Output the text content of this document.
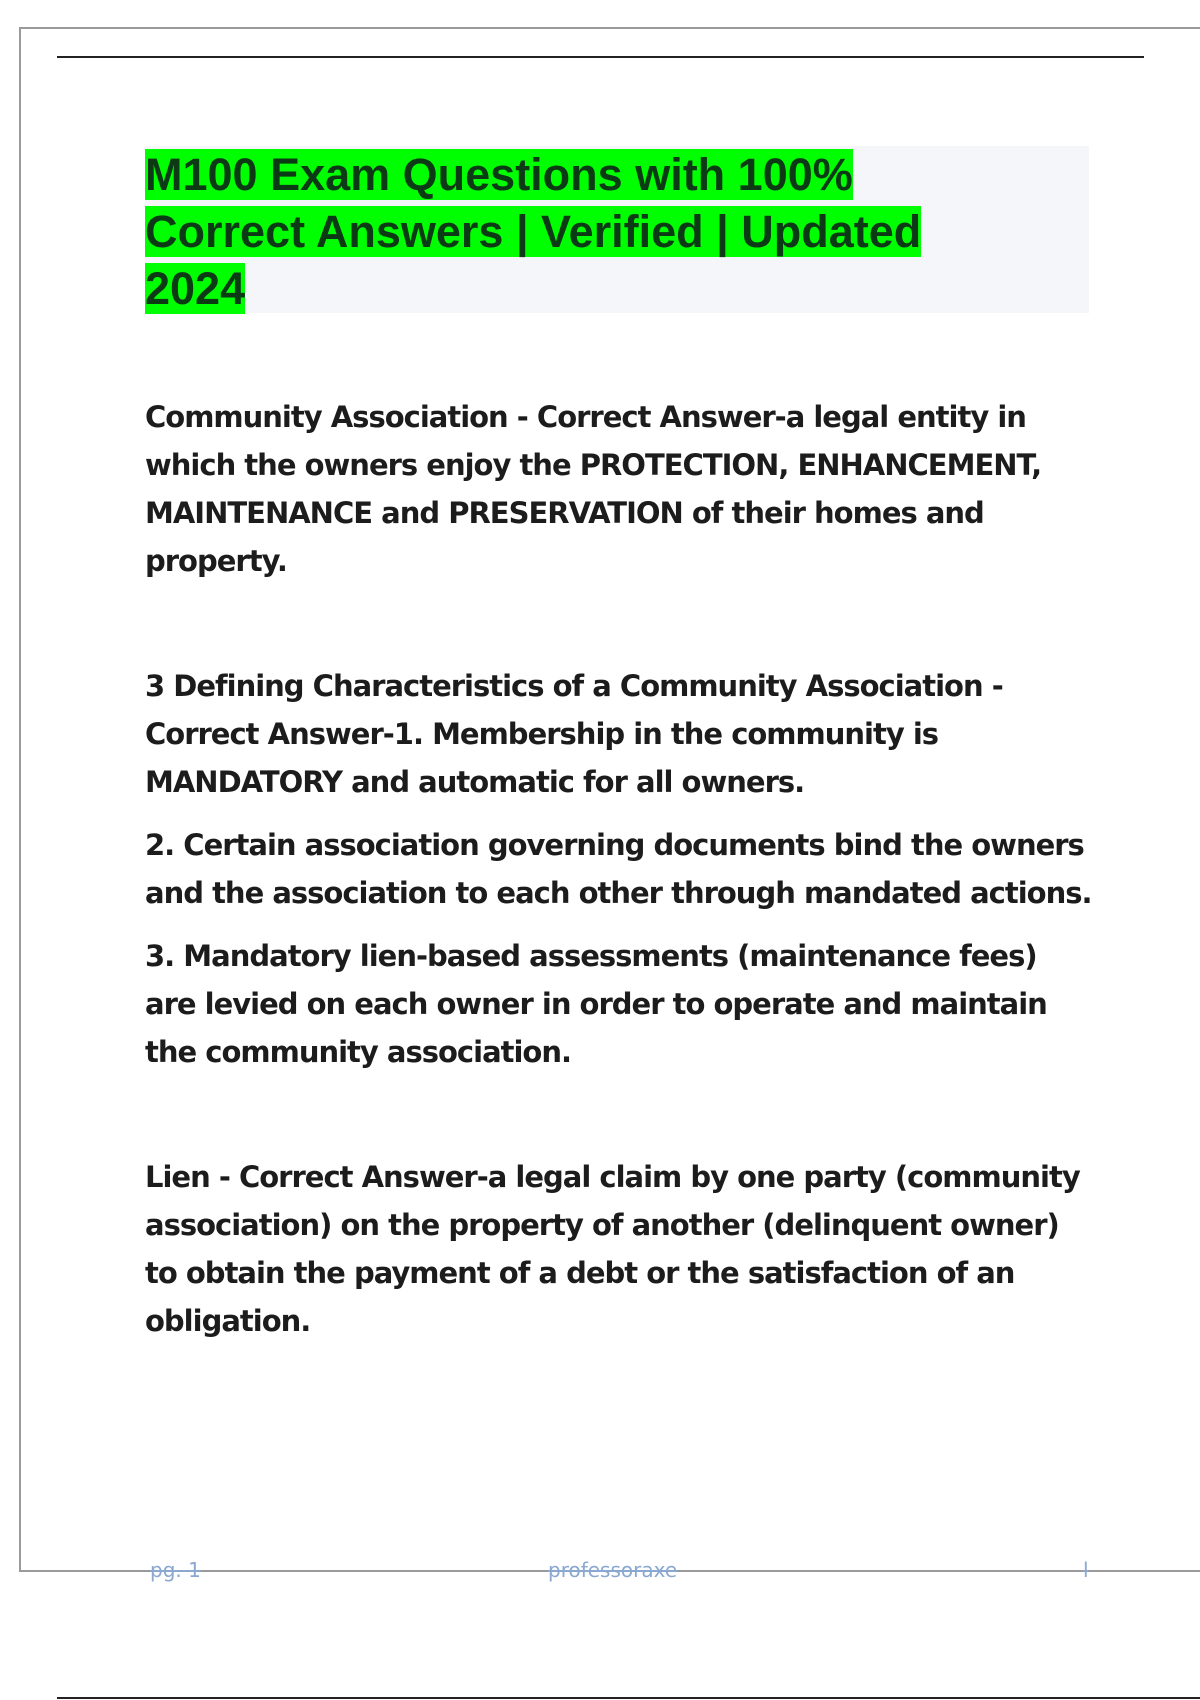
M100 Exam Questions with 100% Correct Answers | Verified | Updated 2024

Community Association - Correct Answer-a legal entity in which the owners enjoy the PROTECTION, ENHANCEMENT, MAINTENANCE and PRESERVATION of their homes and property.

3 Defining Characteristics of a Community Association - Correct Answer-1. Membership in the community is MANDATORY and automatic for all owners.

2. Certain association governing documents bind the owners and the association to each other through mandated actions.

3. Mandatory lien-based assessments (maintenance fees) are levied on each owner in order to operate and maintain the community association.

Lien - Correct Answer-a legal claim by one party (community association) on the property of another (delinquent owner) to obtain the payment of a debt or the satisfaction of an obligation.

pg. 1	professoraxe	l
